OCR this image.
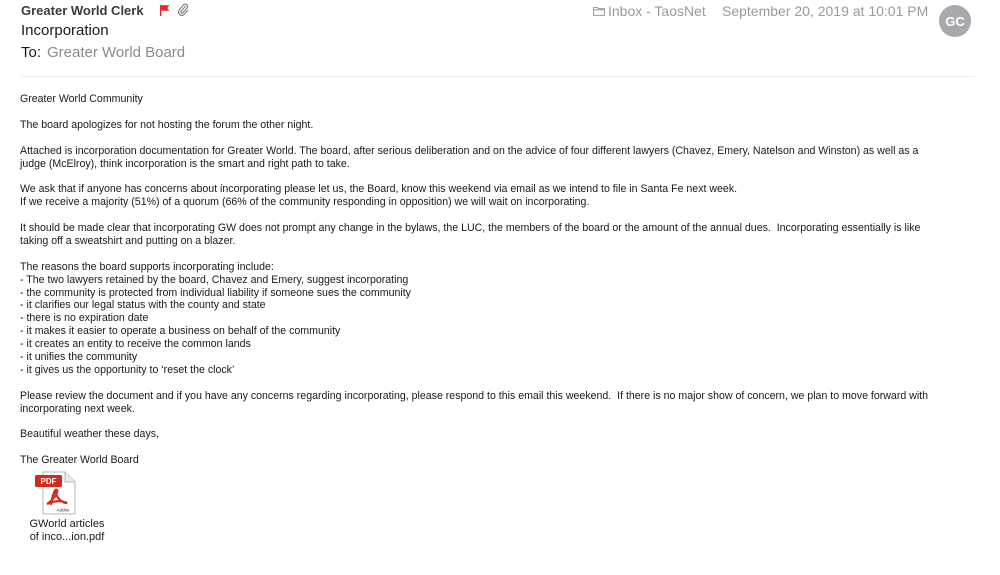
Greater World Clerk
Incorporation
To: Greater World Board
Inbox - TaosNet September 20, 2019 at 10:01 PM
GC
Greater World Community
The board apologizes for not hosting the forum the other night.
Attached is incorporation documentation for Greater World. The board, after serious deliberation and on the advice of four different lawyers (Chavez, Emery, Natelson and Winston) as well as a
judge (McElroy), think incorporation is the smart and right path to take.
We ask that if anyone has concerns about incorporating please let us, the Board, know this weekend via email as we intend to file in Santa Fe next week.
If we receive a majority (51%) of a quorum (66% of the community responding in opposition) we will wait on incorporating.
It should be made clear that incorporating GW does not prompt any change in the bylaws, the LUC, the members of the board or the amount of the annual dues.  Incorporating essentially is like
taking off a sweatshirt and putting on a blazer.
The reasons the board supports incorporating include:
- The two lawyers retained by the board, Chavez and Emery, suggest incorporating
- the community is protected from individual liability if someone sues the community
- it clarifies our legal status with the county and state
- there is no expiration date
- it makes it easier to operate a business on behalf of the community
- it creates an entity to receive the common lands
- it unifies the community
- it gives us the opportunity to ‘reset the clock’
Please review the document and if you have any concerns regarding incorporating, please respond to this email this weekend.  If there is no major show of concern, we plan to move forward with
incorporating next week.
Beautiful weather these days,
The Greater World Board
PDF
Adobe
GWorld articles
of inco...ion.pdf
